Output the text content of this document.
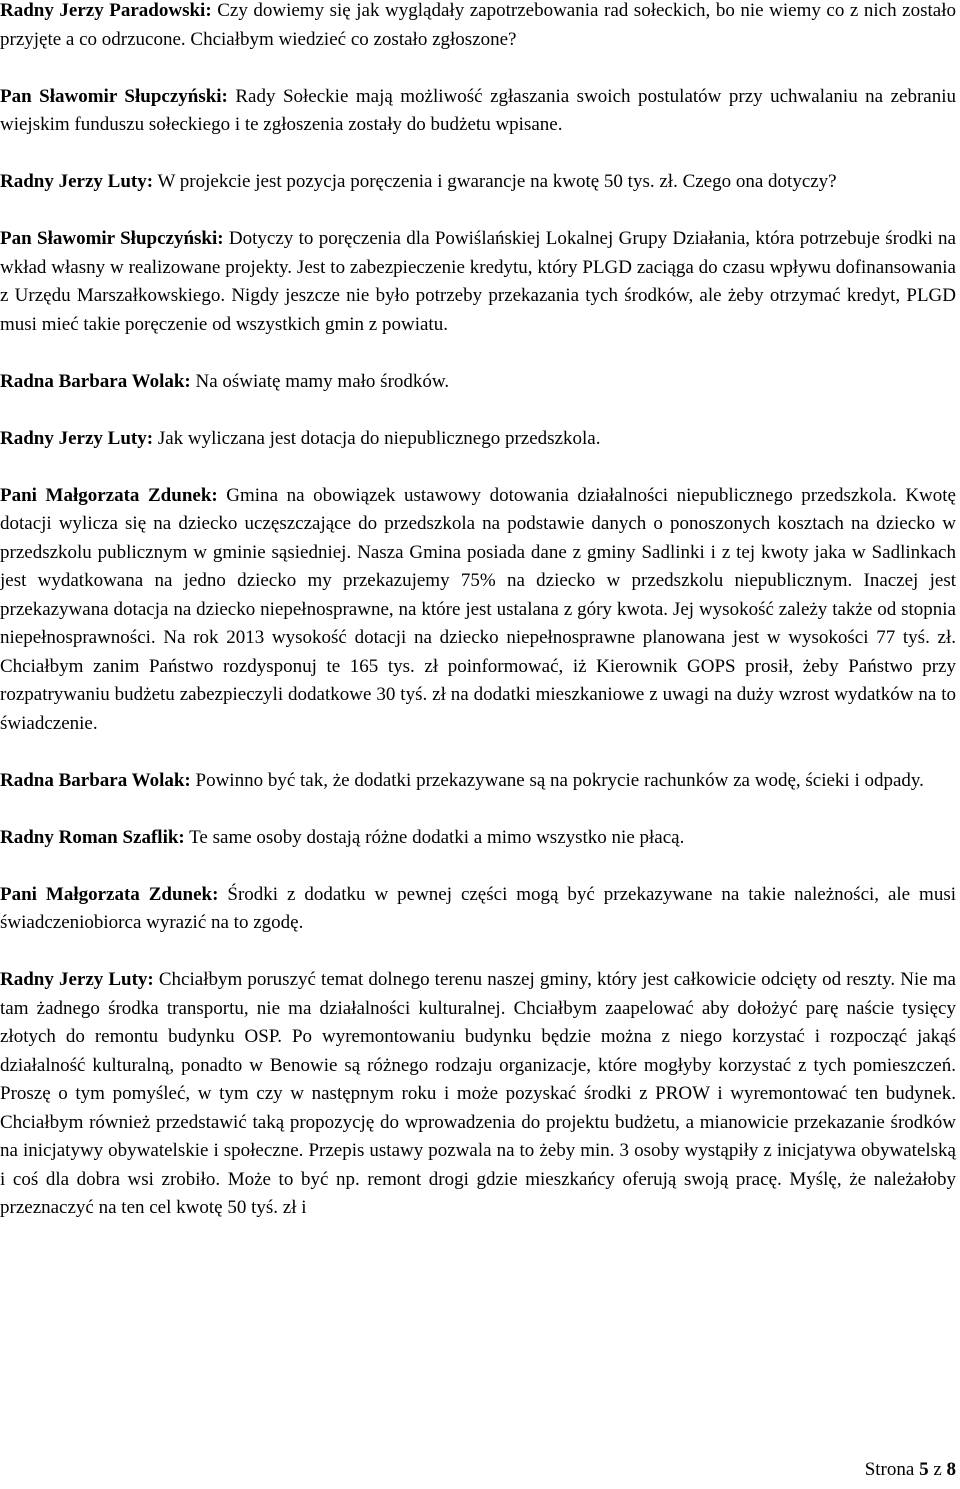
Radny Jerzy Paradowski: Czy dowiemy się jak wyglądały zapotrzebowania rad sołeckich, bo nie wiemy co z nich zostało przyjęte a co odrzucone. Chciałbym wiedzieć co zostało zgłoszone?

Pan Sławomir Słupczyński: Rady Sołeckie mają możliwość zgłaszania swoich postulatów przy uchwalaniu na zebraniu wiejskim funduszu sołeckiego i te zgłoszenia zostały do budżetu wpisane.

Radny Jerzy Luty: W projekcie jest pozycja poręczenia i gwarancje na kwotę 50 tys. zł. Czego ona dotyczy?

Pan Sławomir Słupczyński: Dotyczy to poręczenia dla Powiślańskiej Lokalnej Grupy Działania, która potrzebuje środki na wkład własny w realizowane projekty. Jest to zabezpieczenie kredytu, który PLGD zaciąga do czasu wpływu dofinansowania z Urzędu Marszałkowskiego. Nigdy jeszcze nie było potrzeby przekazania tych środków, ale żeby otrzymać kredyt, PLGD musi mieć takie poręczenie od wszystkich gmin z powiatu.

Radna Barbara Wolak: Na oświatę mamy mało środków.

Radny Jerzy Luty: Jak wyliczana jest dotacja do niepublicznego przedszkola.

Pani Małgorzata Zdunek: Gmina na obowiązek ustawowy dotowania działalności niepublicznego przedszkola. Kwotę dotacji wylicza się na dziecko uczęszczające do przedszkola na podstawie danych o ponoszonych kosztach na dziecko w przedszkolu publicznym w gminie sąsiedniej. Nasza Gmina posiada dane z gminy Sadlinki i z tej kwoty jaka w Sadlinkach jest wydatkowana na jedno dziecko my przekazujemy 75% na dziecko w przedszkolu niepublicznym. Inaczej jest przekazywana dotacja na dziecko niepełnosprawne, na które jest ustalana z góry kwota. Jej wysokość zależy także od stopnia niepełnosprawności. Na rok 2013 wysokość dotacji na dziecko niepełnosprawne planowana jest w wysokości 77 tyś. zł. Chciałbym zanim Państwo rozdysponuj te 165 tys. zł poinformować, iż Kierownik GOPS prosił, żeby Państwo przy rozpatrywaniu budżetu zabezpieczyli dodatkowe 30 tyś. zł na dodatki mieszkaniowe z uwagi na duży wzrost wydatków na to świadczenie.

Radna Barbara Wolak: Powinno być tak, że dodatki przekazywane są na pokrycie rachunków za wodę, ścieki i odpady.

Radny Roman Szaflik: Te same osoby dostają różne dodatki a mimo wszystko nie płacą.

Pani Małgorzata Zdunek: Środki z dodatku w pewnej części mogą być przekazywane na takie należności, ale musi świadczeniobiorca wyrazić na to zgodę.

Radny Jerzy Luty: Chciałbym poruszyć temat dolnego terenu naszej gminy, który jest całkowicie odcięty od reszty. Nie ma tam żadnego środka transportu, nie ma działalności kulturalnej. Chciałbym zaapelować aby dołożyć parę naście tysięcy złotych do remontu budynku OSP. Po wyremontowaniu budynku będzie można z niego korzystać i rozpocząć jakąś działalność kulturalną, ponadto w Benowie są różnego rodzaju organizacje, które mogłyby korzystać z tych pomieszczeń. Proszę o tym pomyśleć, w tym czy w następnym roku i może pozyskać środki z PROW i wyremontować ten budynek. Chciałbym również przedstawić taką propozycję do wprowadzenia do projektu budżetu, a mianowicie przekazanie środków na inicjatywy obywatelskie i społeczne. Przepis ustawy pozwala na to żeby min. 3 osoby wystąpiły z inicjatywa obywatelską i coś dla dobra wsi zrobiło. Może to być np. remont drogi gdzie mieszkańcy oferują swoją pracę. Myślę, że należałoby przeznaczyć na ten cel kwotę 50 tyś. zł i

Strona 5 z 8
